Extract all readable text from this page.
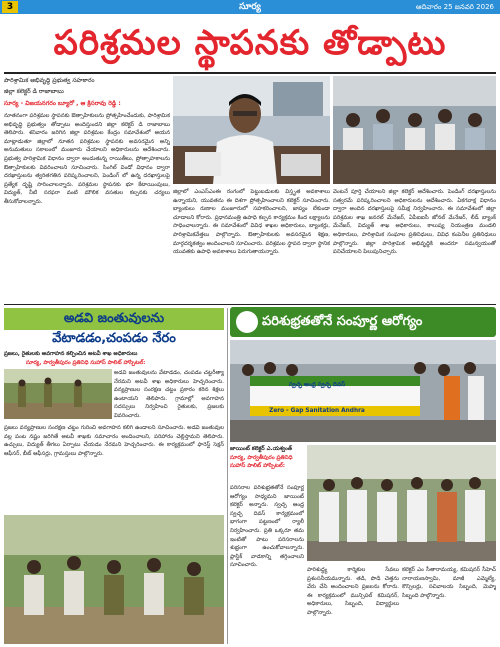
3	సూర్య	ఆదివారం 25 జనవరి 2026
పరిశ్రమల స్థాపనకు తోడ్పాటు
పారిశ్రామిక అభివృద్ధి ప్రభుత్వ సహకారం
జిల్లా కలెక్టర్ డి రాజాబాబు
సూర్య - విజయనగరం బ్యూరో , ఆ క్రిసరావు రెడ్డి :
నూతనంగా పరిశ్రమల స్థాపనకు ఔత్సాహికులను ప్రోత్సహించేందుకు, పారిశ్రామిక అభివృద్ధి ప్రభుత్వం తోడ్పాటు అందిస్తుందని జిల్లా కలెక్టర్ డి రాజాబాబు తెలిపారు. శనివారం జరిగిన జిల్లా పరిశ్రమల కేంద్రం సమావేశంలో ఆయన మాట్లాడుతూ జిల్లాలో నూతన పరిశ్రమల స్థాపనకు అవసరమైన అన్ని అనుమతులు సకాలంలో మంజూరు చేయాలని అధికారులను ఆదేశించారు. ప్రభుత్వ పారిశ్రామిక విధానం ద్వారా అందుతున్న రాయితీలు, ప్రోత్సాహకాలను ఔత్సాహికులకు వివరించాలని సూచించారు. సింగిల్ విండో విధానం ద్వారా దరఖాస్తులను త్వరితగతిన పరిష్కరించాలని, పెండింగ్ లో ఉన్న దరఖాస్తులపై ప్రత్యేక దృష్టి సారించాలన్నారు. పరిశ్రమల స్థాపనకు భూ కేటాయింపులు, విద్యుత్, నీటి సరఫరా వంటి మౌలిక వసతుల కల్పనకు చర్యలు తీసుకోవాలన్నారు.
జిల్లాలో ఎంఎస్ఎంఈ రంగంలో పెట్టుబడులకు విస్తృత అవకాశాలు ఉన్నాయని, యువతను ఈ దిశగా ప్రోత్సహించాలని కలెక్టర్ సూచించారు. బ్యాంకులు రుణాల మంజూరులో సహకరించాలని, జాప్యం లేకుండా చూడాలని కోరారు. ప్రధానమంత్రి ఉపాధి కల్పన కార్యక్రమం కింద లక్ష్యాలను సాధించాలన్నారు. ఈ సమావేశంలో వివిధ శాఖల అధికారులు, బ్యాంకర్లు, పారిశ్రామికవేత్తలు పాల్గొన్నారు. ఔత్సాహికులకు అవసరమైన శిక్షణ, మార్గదర్శకత్వం అందించాలని సూచించారు. పరిశ్రమల స్థాపన ద్వారా స్థానిక యువతకు ఉపాధి అవకాశాలు పెరుగుతాయన్నారు.
వెంటనే పూర్తి చేయాలని జిల్లా కలెక్టర్ ఆదేశించారు. పెండింగ్ దరఖాస్తులను సత్వరమే పరిష్కరించాలని అధికారులను ఆదేశించారు. ఏకగవాక్ష విధానం ద్వారా అందిన దరఖాస్తులపై సమీక్ష నిర్వహించారు. ఈ సమావేశంలో జిల్లా పరిశ్రమల శాఖ జనరల్ మేనేజర్, ఏపీఐఐసీ జోనల్ మేనేజర్, లీడ్ బ్యాంక్ మేనేజర్, విద్యుత్ శాఖ అధికారులు, కాలుష్య నియంత్రణ మండలి అధికారులు, పారిశ్రామిక సంఘాల ప్రతినిధులు, వివిధ కంపెనీల ప్రతినిధులు పాల్గొన్నారు. జిల్లా పారిశ్రామిక అభివృద్ధికి అందరూ సమన్వయంతో పనిచేయాలని పిలుపునిచ్చారు.
అడవి జంతువులను
వేటాడడం,చంపడం నేరం
ప్రజలు, రైతులకు అవగాహన కల్పించిన అటవీ శాఖ అధికారులు
సూర్య, పార్వతీపురం ప్రతినిధి సుహాస్ పాలిట్ హాస్పిటల్:
అడవి జంతువులను వేటాడడం, చంపడం చట్టరీత్యా నేరమని అటవీ శాఖ అధికారులు హెచ్చరించారు. వన్యప్రాణుల సంరక్షణ చట్టం ప్రకారం కఠిన శిక్షలు ఉంటాయని తెలిపారు. గ్రామాల్లో అవగాహన సదస్సులు నిర్వహించి రైతులకు, ప్రజలకు వివరించారు.
ప్రజలు వన్యప్రాణుల సంరక్షణ చట్టం గురించి అవగాహన కలిగి ఉండాలని సూచించారు. అడవి జంతువుల వల్ల పంట నష్టం జరిగితే అటవీ శాఖకు సమాచారం అందించాలని, పరిహారం చెల్లిస్తామని తెలిపారు. ఉచ్చులు, విద్యుత్ తీగలు ఏర్పాటు చేయడం నేరమని హెచ్చరించారు. ఈ కార్యక్రమంలో ఫారెస్ట్ సెక్షన్ ఆఫీసర్, బీట్ ఆఫీసర్లు, గ్రామస్తులు పాల్గొన్నారు.
పరిశుభ్రతతోనే సంపూర్ణ ఆరోగ్యం
స్వచ్ఛ ఆంధ్ర స్వచ్ఛ దివస్
Zero - Gap Sanitation Andhra
జాయింట్ కలెక్టర్ ఎ.యశ్వంత్
సూర్య, పార్వతీపురం ప్రతినిధి సుహాస్ పాలిట్ హాస్పిటల్:
పరిసరాల పరిశుభ్రతతోనే సంపూర్ణ ఆరోగ్యం సాధ్యమని జాయింట్ కలెక్టర్ అన్నారు. స్వచ్ఛ ఆంధ్ర స్వచ్ఛ దివస్ కార్యక్రమంలో భాగంగా పట్టణంలో ర్యాలీ నిర్వహించారు. ప్రతి ఒక్కరూ తమ ఇంటితో పాటు పరిసరాలను శుభ్రంగా ఉంచుకోవాలన్నారు. ప్లాస్టిక్ వాడకాన్ని తగ్గించాలని సూచించారు.
పారిశుద్ధ్య కార్మికుల సేవలు ప్రశంసనీయమన్నారు. తడి, పొడి చెత్తను వేరు చేసి అందించాలని ప్రజలను కోరారు. ఈ కార్యక్రమంలో మున్సిపల్ కమిషనర్, అధికారులు, సిబ్బంది, విద్యార్థులు పాల్గొన్నారు.
కలెక్టర్ ఎం సీతారామయ్య, కమిషనర్ సీహెచ్ నారాయణస్వామి, మాజీ ఎమ్మెల్యే, కౌన్సిలర్లు, సచివాలయ సిబ్బంది, మెప్మా సిబ్బంది పాల్గొన్నారు.
